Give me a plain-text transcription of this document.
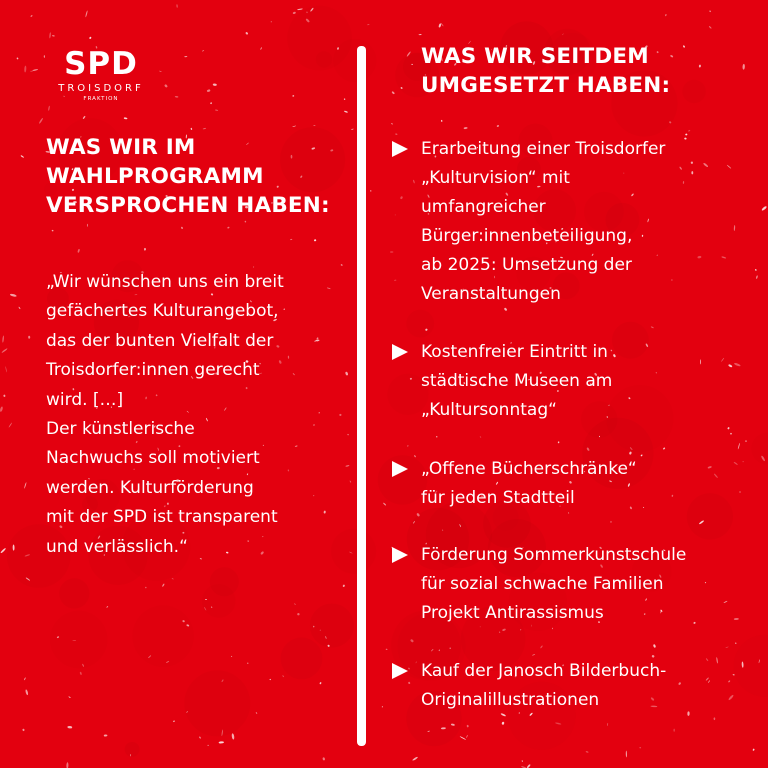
SPD
TROISDORF
FRAKTION
WAS WIR IM
WAHLPROGRAMM
VERSPROCHEN HABEN:
„Wir wünschen uns ein breit
gefächertes Kulturangebot,
das der bunten Vielfalt der
Troisdorfer:innen gerecht
wird. […]
Der künstlerische
Nachwuchs soll motiviert
werden. Kulturförderung
mit der SPD ist transparent
und verlässlich.“
WAS WIR SEITDEM
UMGESETZT HABEN:
Erarbeitung einer Troisdorfer
„Kulturvision“ mit
umfangreicher
Bürger:innenbeteiligung,
ab 2025: Umsetzung der
Veranstaltungen
Kostenfreier Eintritt in
städtische Museen am
„Kultursonntag“
„Offene Bücherschränke“
für jeden Stadtteil
Förderung Sommerkunstschule
für sozial schwache Familien
Projekt Antirassismus
Kauf der Janosch Bilderbuch-
Originalillustrationen
